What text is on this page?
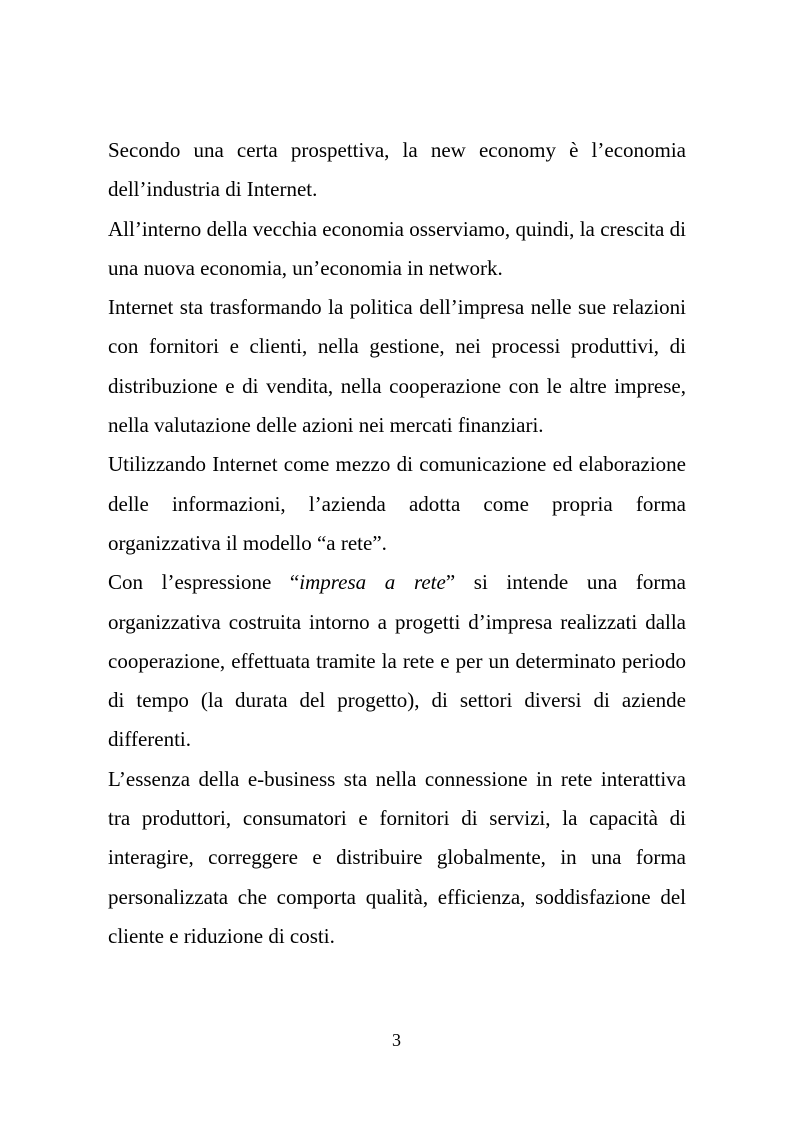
Secondo una certa prospettiva, la new economy è l’economia dell’industria di Internet.

All’interno della vecchia economia osserviamo, quindi, la crescita di una nuova economia, un’economia in network.

Internet sta trasformando la politica dell’impresa nelle sue relazioni con fornitori e clienti, nella gestione, nei processi produttivi, di distribuzione e di vendita, nella cooperazione con le altre imprese, nella valutazione delle azioni nei mercati finanziari.

Utilizzando Internet come mezzo di comunicazione ed elaborazione delle informazioni, l’azienda adotta come propria forma organizzativa il modello “a rete”.

Con l’espressione “impresa a rete” si intende una forma organizzativa costruita intorno a progetti d’impresa realizzati dalla cooperazione, effettuata tramite la rete e per un determinato periodo di tempo (la durata del progetto), di settori diversi di aziende differenti.

L’essenza della e-business sta nella connessione in rete interattiva tra produttori, consumatori e fornitori di servizi, la capacità di interagire, correggere e distribuire globalmente, in una forma personalizzata che comporta qualità, efficienza, soddisfazione del cliente e riduzione di costi.

3
